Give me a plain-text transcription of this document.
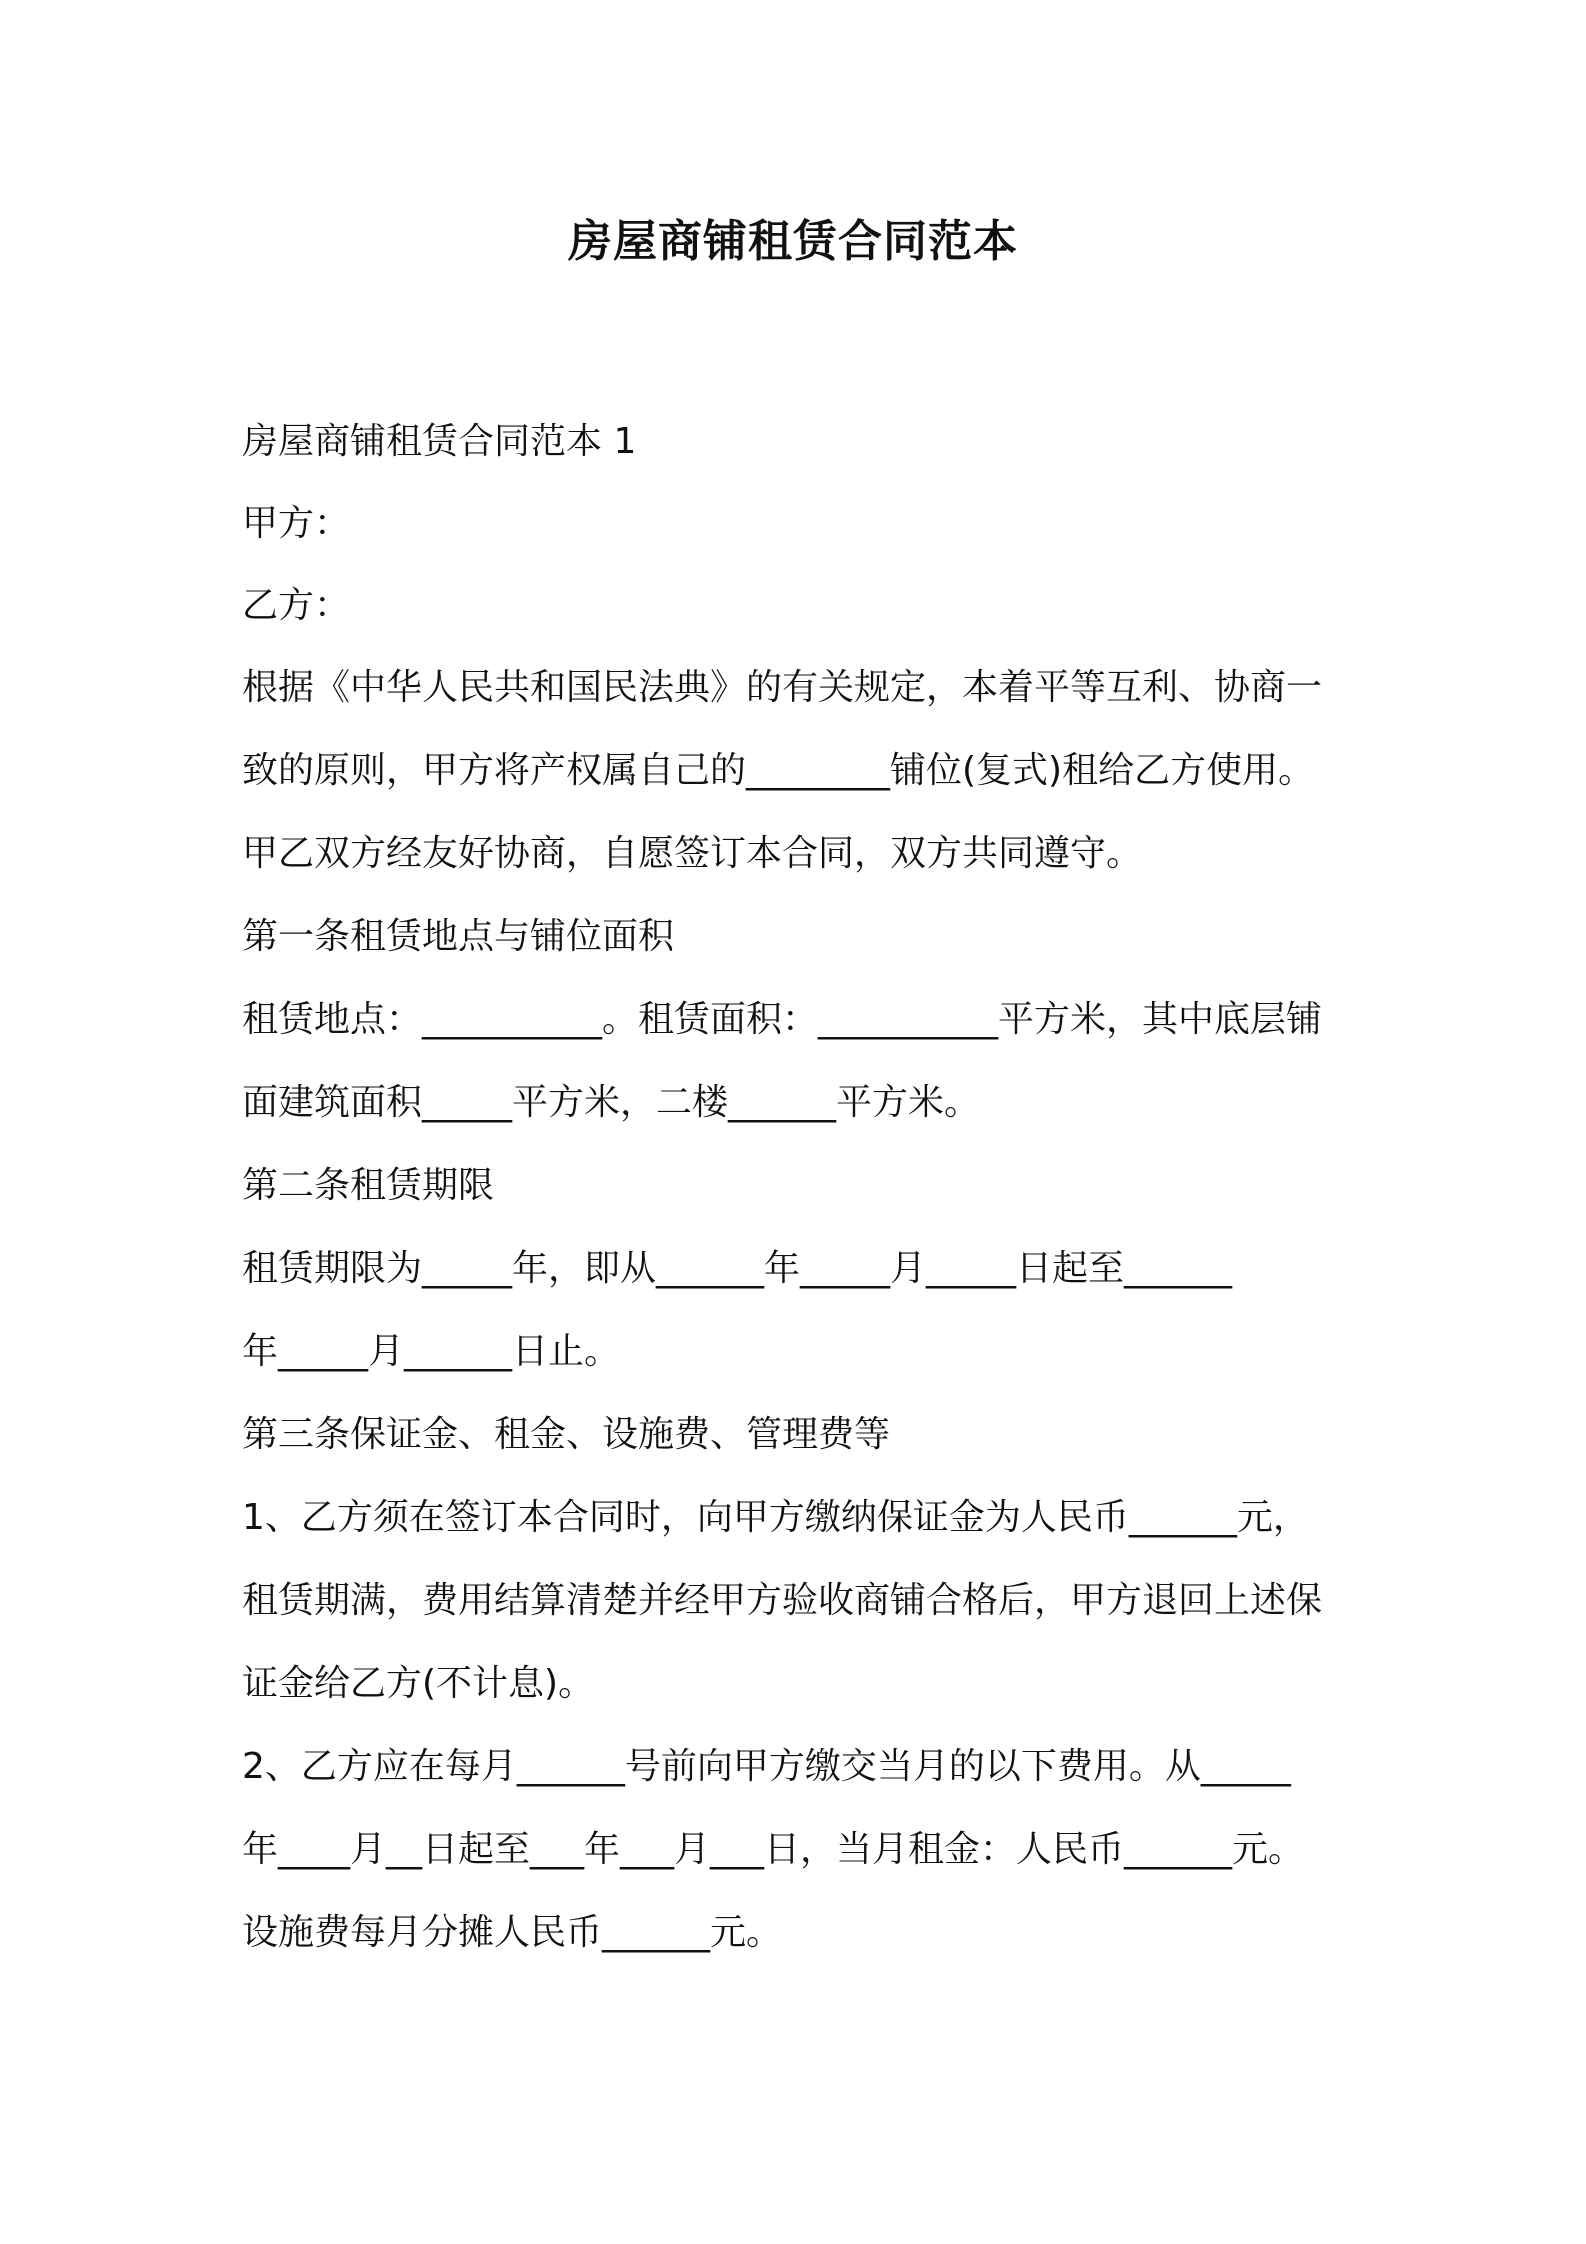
房屋商铺租赁合同范本
房屋商铺租赁合同范本 1
甲方：
乙方：
根据《中华人民共和国民法典》的有关规定，本着平等互利、协商一
致的原则，甲方将产权属自己的________铺位(复式)租给乙方使用。
甲乙双方经友好协商，自愿签订本合同，双方共同遵守。
第一条租赁地点与铺位面积
租赁地点：__________。租赁面积：__________平方米，其中底层铺
面建筑面积_____平方米，二楼______平方米。
第二条租赁期限
租赁期限为_____年，即从______年_____月_____日起至______
年_____月______日止。
第三条保证金、租金、设施费、管理费等
1、乙方须在签订本合同时，向甲方缴纳保证金为人民币______元，
租赁期满，费用结算清楚并经甲方验收商铺合格后，甲方退回上述保
证金给乙方(不计息)。
2、乙方应在每月______号前向甲方缴交当月的以下费用。从_____
年____月__日起至___年___月___日，当月租金：人民币______元。
设施费每月分摊人民币______元。
